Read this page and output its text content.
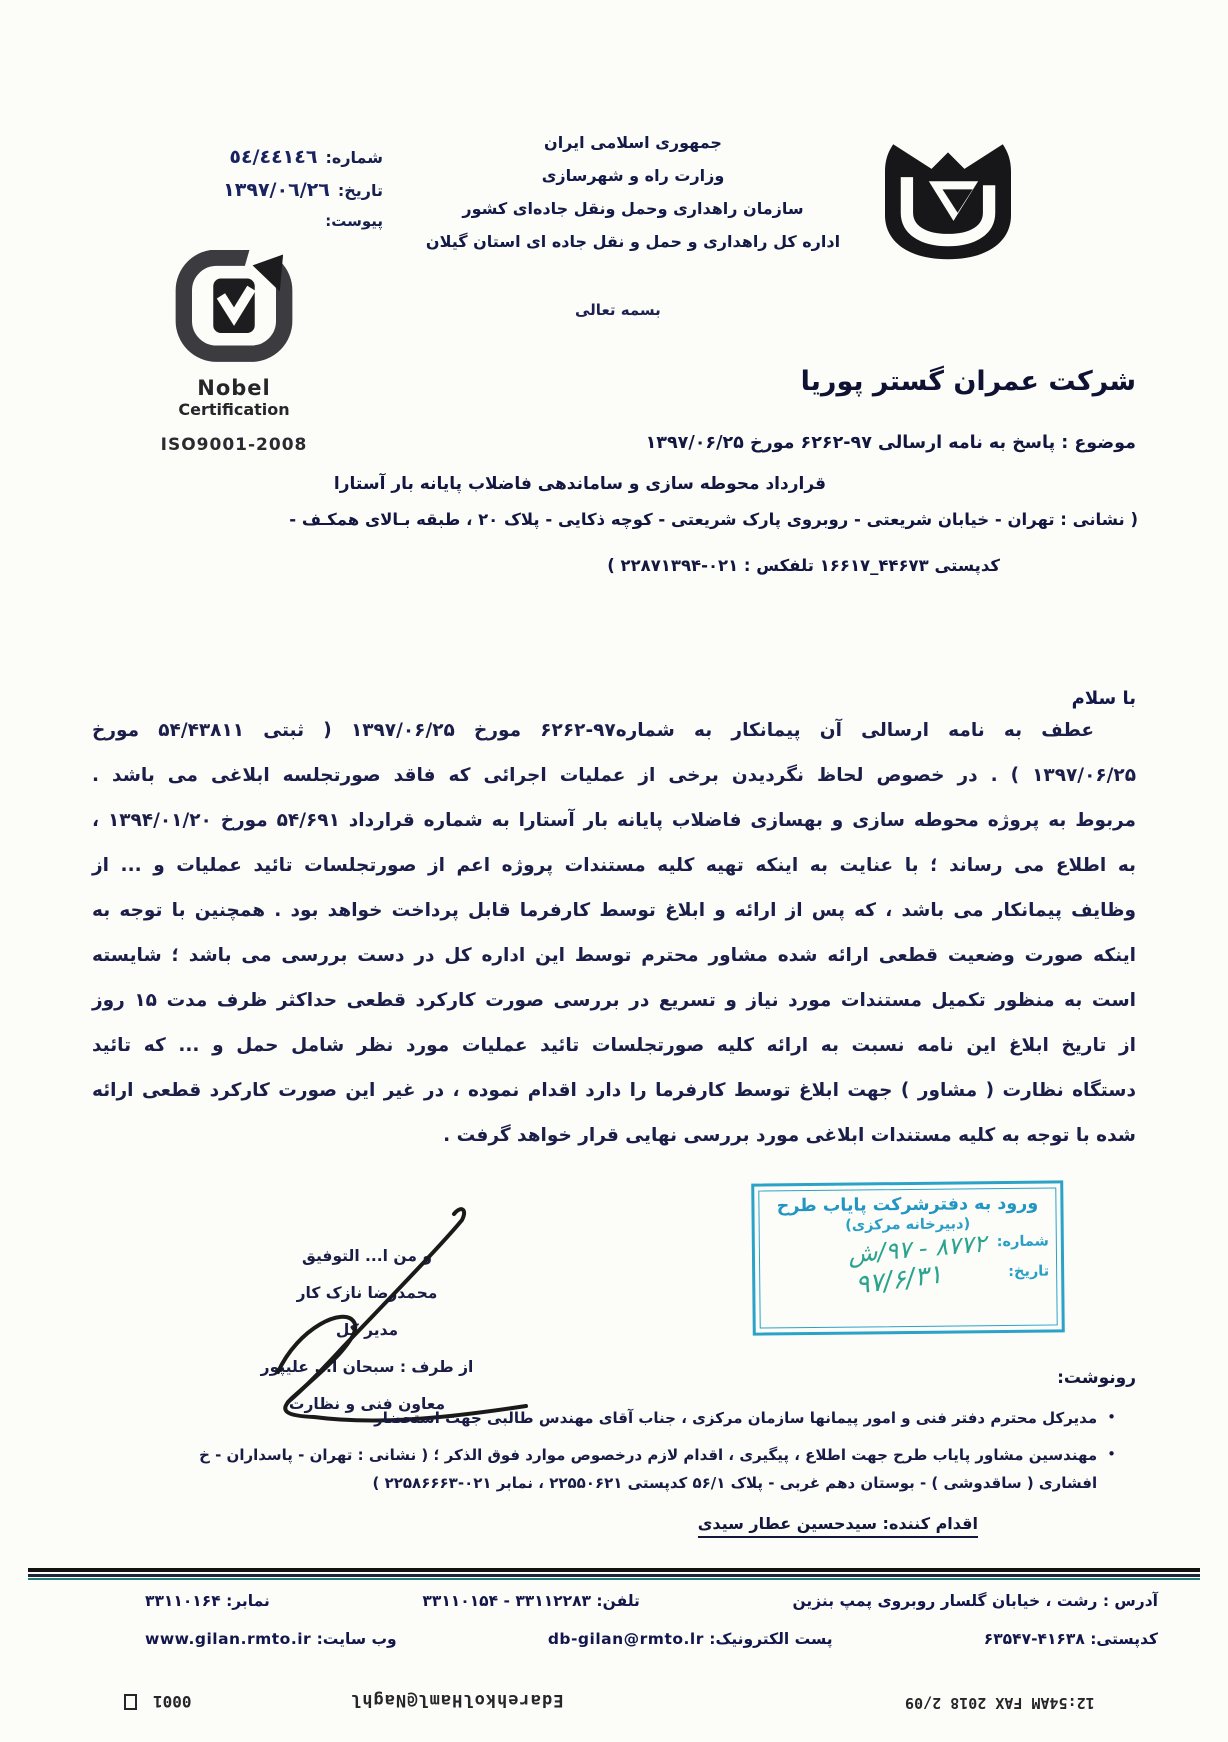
شماره:
٥٤/٤٤١٤٦
تاریخ:
١٣٩٧/٠٦/٢٦
پیوست:
جمهوری اسلامی ایران
وزارت راه و شهرسازی
سازمان راهداری وحمل ونقل جاده‌ای کشور
اداره کل راهداری و حمل و نقل جاده ای استان گیلان
بسمه تعالی
Nobel
Certification
ISO9001-2008
شرکت عمران گستر پوریا
موضوع : پاسخ به نامه ارسالی ۹۷-۶۲۶۲ مورخ ۱۳۹۷/۰۶/۲۵
قرارداد محوطه سازی و ساماندهی فاضلاب پایانه بار آستارا
( نشانی : تهران - خیابان شریعتی - روبروی پارک شریعتی - کوچه ذکایی - پلاک ۲۰ ، طبقه بـالای همکـف -
کدپستی ۴۴۶۷۳_۱۶۶۱۷ تلفکس : ۰۲۱-۲۲۸۷۱۳۹۴ )
با سلام
عطف به نامه ارسالی آن پیمانکار به شماره۹۷-۶۲۶۲ مورخ ۱۳۹۷/۰۶/۲۵ ( ثبتی ۵۴/۴۳۸۱۱ مورخ
۱۳۹۷/۰۶/۲۵ ) . در خصوص لحاظ نگردیدن برخی از عملیات اجرائی که فاقد صورتجلسه ابلاغی می باشد .
مربوط به پروژه محوطه سازی و بهسازی فاضلاب پایانه بار آستارا به شماره قرارداد ۵۴/۶۹۱ مورخ ۱۳۹۴/۰۱/۲۰ ،
به اطلاع می رساند ؛ با عنایت به اینکه تهیه کلیه مستندات پروژه اعم از صورتجلسات تائید عملیات و ... از
وظایف پیمانکار می باشد ، که پس از ارائه و ابلاغ توسط کارفرما قابل پرداخت خواهد بود . همچنین با توجه به
اینکه صورت وضعیت قطعی ارائه شده مشاور محترم توسط این اداره کل در دست بررسی می باشد ؛ شایسته
است به منظور تکمیل مستندات مورد نیاز و تسریع در بررسی صورت کارکرد قطعی حداکثر ظرف مدت ۱۵ روز
از تاریخ ابلاغ این نامه نسبت به ارائه کلیه صورتجلسات تائید عملیات مورد نظر شامل حمل و ... که تائید
دستگاه نظارت ( مشاور ) جهت ابلاغ توسط کارفرما را دارد اقدام نموده ، در غیر این صورت کارکرد قطعی ارائه
شده با توجه به کلیه مستندات ابلاغی مورد بررسی نهایی قرار خواهد گرفت .
ورود به دفترشرکت پایاب طرح
(دبیرخانه مرکزی)
شماره:
۸۷۷۲ - ۹۷/ش
تاریخ:
۹۷/۶/۳۱
و من ا... التوفیق
محمدرضا نازک کار
مدیر کل
از طرف : سبحان ا... علیپور
معاون فنی و نظارت
رونوشت:
•
مدیرکل محترم دفتر فنی و امور پیمانها سازمان مرکزی ، جناب آقای مهندس طالبی جهت استحضار
•
مهندسین مشاور پایاب طرح جهت اطلاع ، پیگیری ، اقدام لازم درخصوص موارد فوق الذکر ؛ ( نشانی : تهران - پاسداران - خ افشاری ( ساقدوشی ) - بوستان دهم غربی - پلاک ۵۶/۱ کدپستی ۲۲۵۵۰۶۲۱ ، نمابر ۰۲۱-۲۲۵۸۶۶۶۳ )
اقدام کننده: سیدحسین عطار سیدی
آدرس : رشت ، خیابان گلسار روبروی پمپ بنزین
تلفن: ۳۳۱۱۲۲۸۳ - ۳۳۱۱۰۱۵۴
نمابر: ۳۳۱۱۰۱۶۴
کدپستی: ۴۱۶۳۸-۶۳۵۴۷
پست الکترونیک: db-gilan@rmto.lr
وب سایت: www.gilan.rmto.ir
0001	EdarehkolHaml@Naghl	2/09 2018 12:54AM FAX
